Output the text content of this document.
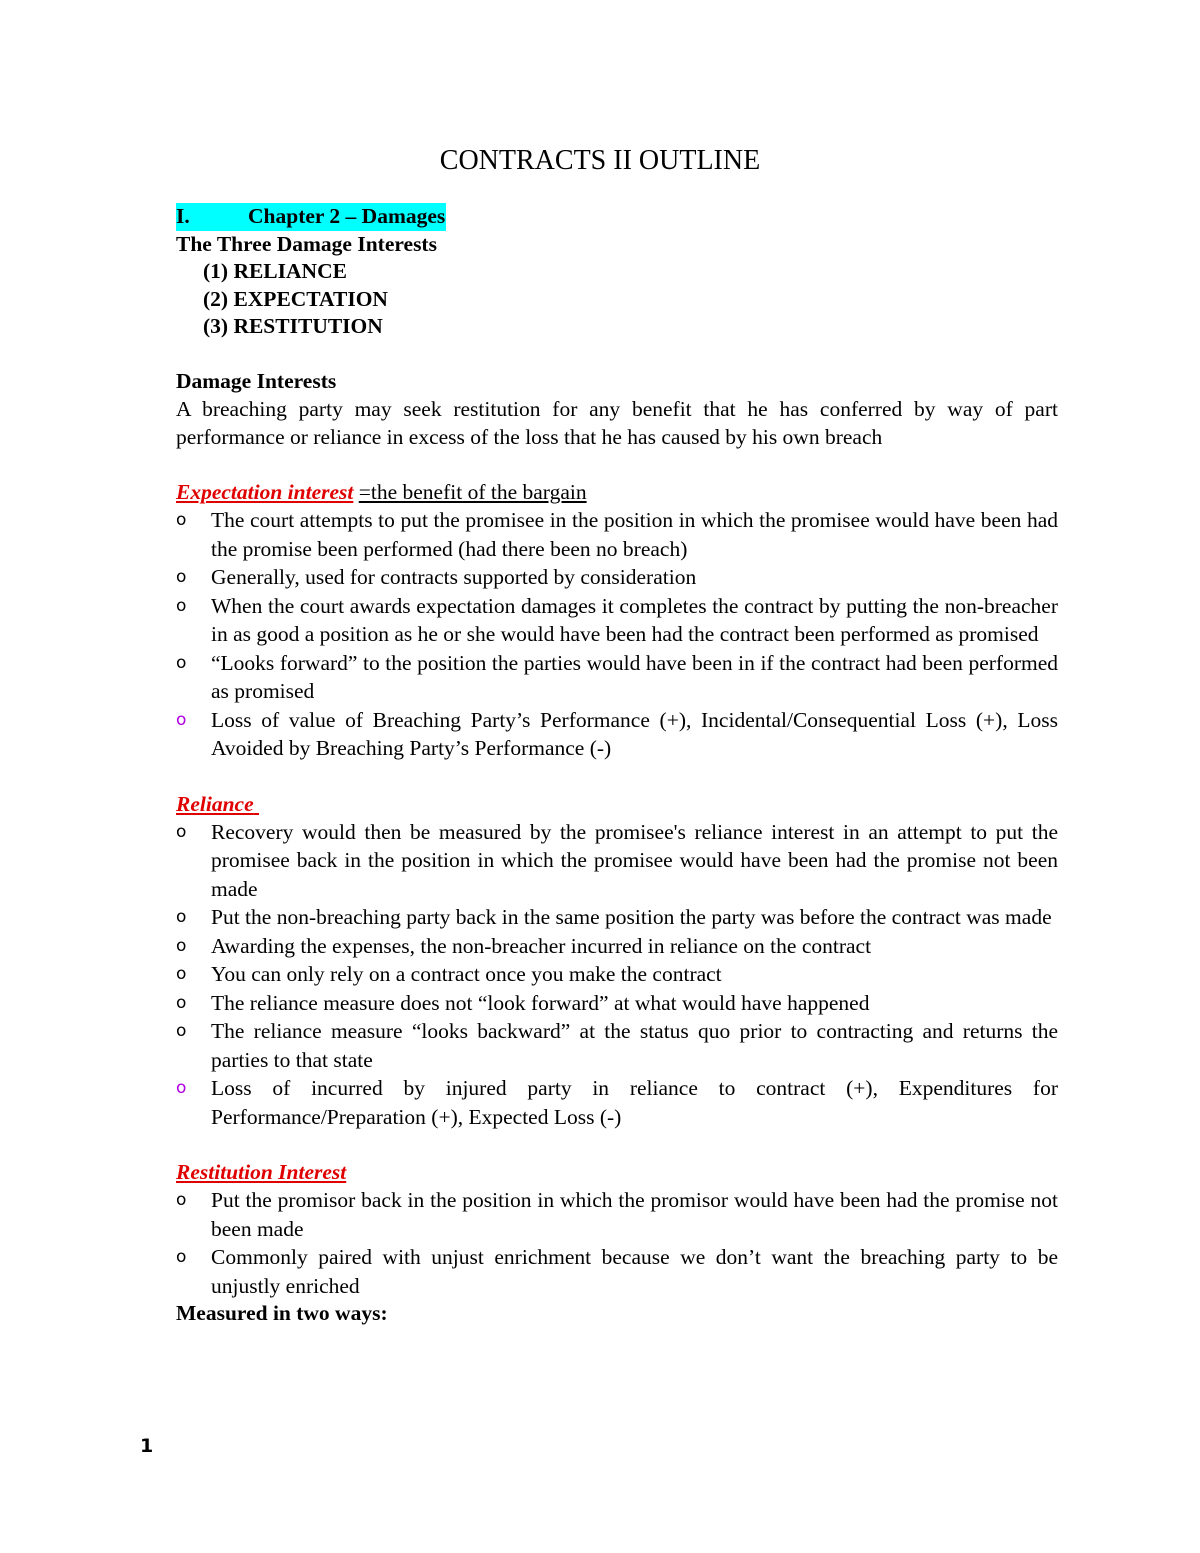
CONTRACTS II OUTLINE
I.	Chapter 2 – Damages
The Three Damage Interests
(1) RELIANCE
(2) EXPECTATION
(3) RESTITUTION
Damage Interests
A breaching party may seek restitution for any benefit that he has conferred by way of part performance or reliance in excess of the loss that he has caused by his own breach
Expectation interest =the benefit of the bargain
o The court attempts to put the promisee in the position in which the promisee would have been had the promise been performed (had there been no breach)
o Generally, used for contracts supported by consideration
o When the court awards expectation damages it completes the contract by putting the non-breacher in as good a position as he or she would have been had the contract been performed as promised
o “Looks forward” to the position the parties would have been in if the contract had been performed as promised
o Loss of value of Breaching Party’s Performance (+), Incidental/Consequential Loss (+), Loss Avoided by Breaching Party’s Performance (-)
Reliance
o Recovery would then be measured by the promisee's reliance interest in an attempt to put the promisee back in the position in which the promisee would have been had the promise not been made
o Put the non-breaching party back in the same position the party was before the contract was made
o Awarding the expenses, the non-breacher incurred in reliance on the contract
o You can only rely on a contract once you make the contract
o The reliance measure does not “look forward” at what would have happened
o The reliance measure “looks backward” at the status quo prior to contracting and returns the parties to that state
o Loss of incurred by injured party in reliance to contract (+), Expenditures for Performance/Preparation (+), Expected Loss (-)
Restitution Interest
o Put the promisor back in the position in which the promisor would have been had the promise not been made
o Commonly paired with unjust enrichment because we don’t want the breaching party to be unjustly enriched
Measured in two ways:
1
